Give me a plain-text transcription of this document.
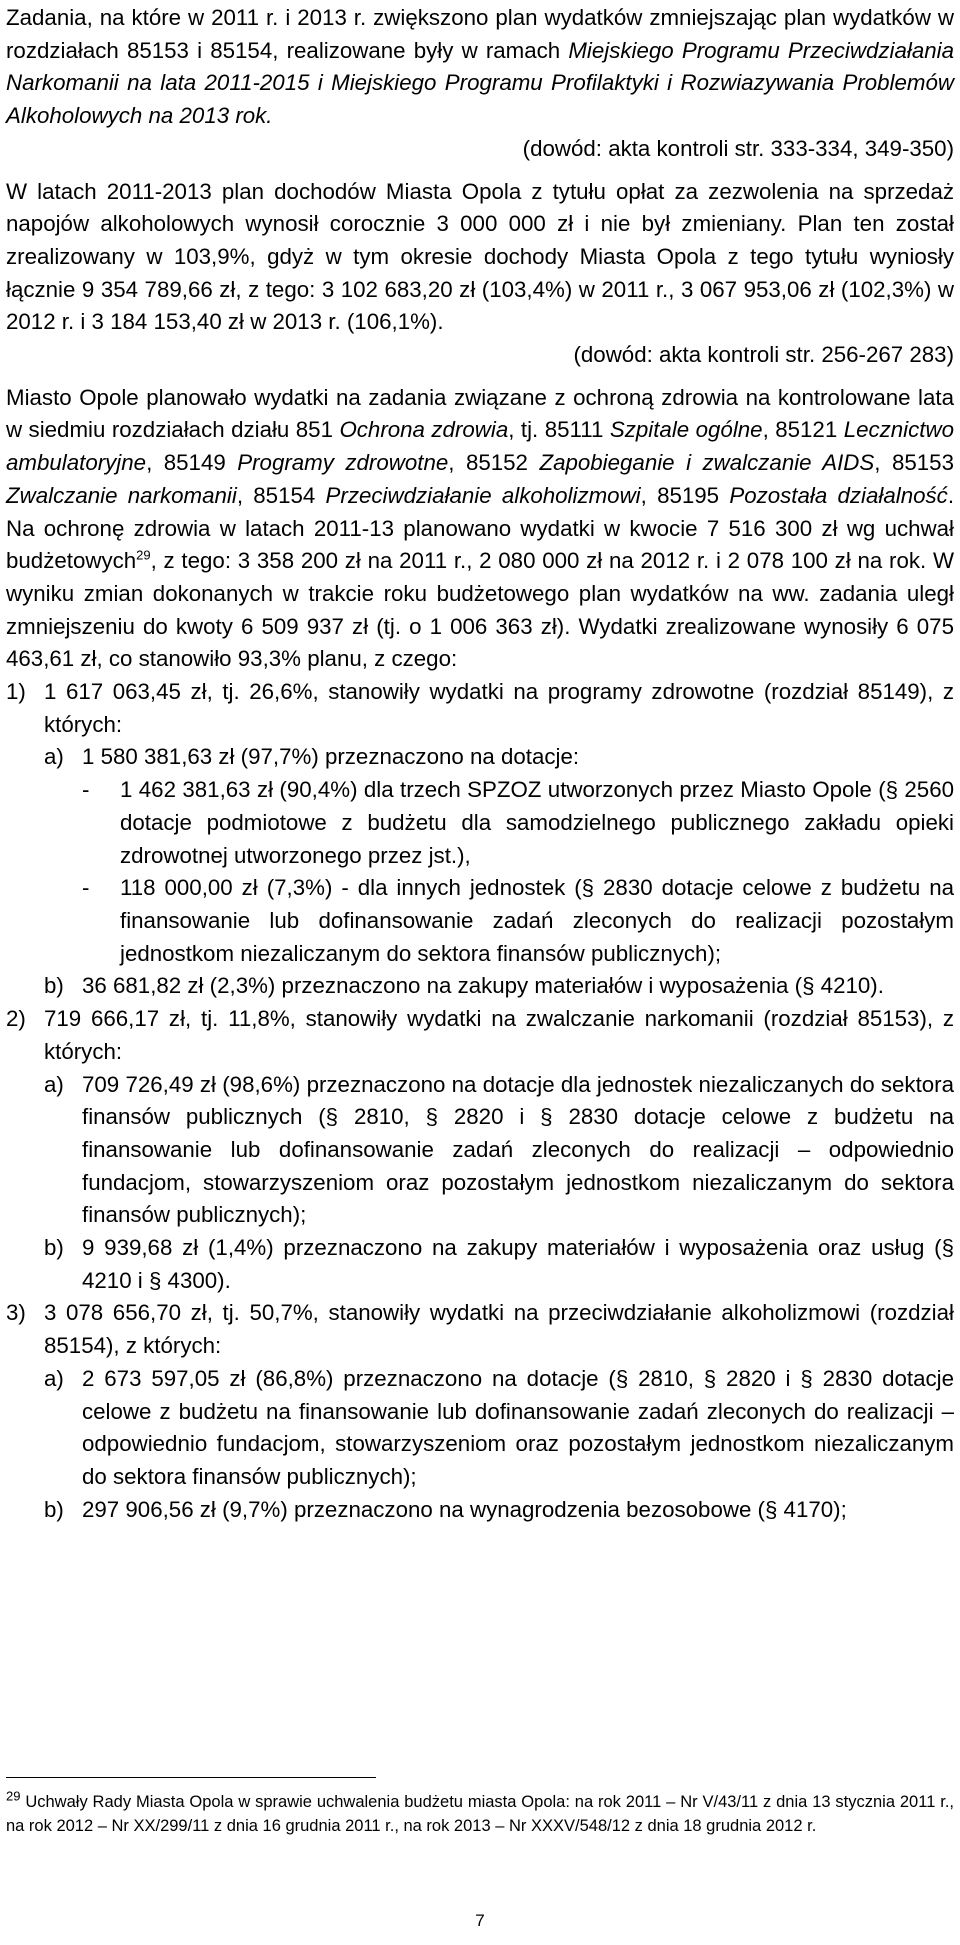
Zadania, na które w 2011 r. i 2013 r. zwiększono plan wydatków zmniejszając plan wydatków w rozdziałach 85153 i 85154, realizowane były w ramach Miejskiego Programu Przeciwdziałania Narkomanii na lata 2011-2015 i Miejskiego Programu Profilaktyki i Rozwiazywania Problemów Alkoholowych na 2013 rok.

(dowód: akta kontroli str. 333-334, 349-350)

W latach 2011-2013 plan dochodów Miasta Opola z tytułu opłat za zezwolenia na sprzedaż napojów alkoholowych wynosił corocznie 3 000 000 zł i nie był zmieniany. Plan ten został zrealizowany w 103,9%, gdyż w tym okresie dochody Miasta Opola z tego tytułu wyniosły łącznie 9 354 789,66 zł, z tego: 3 102 683,20 zł (103,4%) w 2011 r., 3 067 953,06 zł (102,3%) w 2012 r. i 3 184 153,40 zł w 2013 r. (106,1%).

(dowód: akta kontroli str. 256-267 283)

Miasto Opole planowało wydatki na zadania związane z ochroną zdrowia na kontrolowane lata w siedmiu rozdziałach działu 851 Ochrona zdrowia, tj. 85111 Szpitale ogólne, 85121 Lecznictwo ambulatoryjne, 85149 Programy zdrowotne, 85152 Zapobieganie i zwalczanie AIDS, 85153 Zwalczanie narkomanii, 85154 Przeciwdziałanie alkoholizmowi, 85195 Pozostała działalność. Na ochronę zdrowia w latach 2011-13 planowano wydatki w kwocie 7 516 300 zł wg uchwał budżetowych$^{29}$, z tego: 3 358 200 zł na 2011 r., 2 080 000 zł na 2012 r. i 2 078 100 zł na rok. W wyniku zmian dokonanych w trakcie roku budżetowego plan wydatków na ww. zadania uległ zmniejszeniu do kwoty 6 509 937 zł (tj. o 1 006 363 zł). Wydatki zrealizowane wynosiły 6 075 463,61 zł, co stanowiło 93,3% planu, z czego:

1) 1 617 063,45 zł, tj. 26,6%, stanowiły wydatki na programy zdrowotne (rozdział 85149), z których:
a) 1 580 381,63 zł (97,7%) przeznaczono na dotacje:
-	1 462 381,63 zł (90,4%) dla trzech SPZOZ utworzonych przez Miasto Opole (§ 2560 dotacje podmiotowe z budżetu dla samodzielnego publicznego zakładu opieki zdrowotnej utworzonego przez jst.),
-	118 000,00 zł (7,3%) - dla innych jednostek (§ 2830 dotacje celowe z budżetu na finansowanie lub dofinansowanie zadań zleconych do realizacji pozostałym jednostkom niezaliczanym do sektora finansów publicznych);
b) 36 681,82 zł (2,3%) przeznaczono na zakupy materiałów i wyposażenia (§ 4210).
2) 719 666,17 zł, tj. 11,8%, stanowiły wydatki na zwalczanie narkomanii (rozdział 85153), z których:
a) 709 726,49 zł (98,6%) przeznaczono na dotacje dla jednostek niezaliczanych do sektora finansów publicznych (§ 2810, § 2820 i § 2830 dotacje celowe z budżetu na finansowanie lub dofinansowanie zadań zleconych do realizacji – odpowiednio fundacjom, stowarzyszeniom oraz pozostałym jednostkom niezaliczanym do sektora finansów publicznych);
b) 9 939,68 zł (1,4%) przeznaczono na zakupy materiałów i wyposażenia oraz usług (§ 4210 i § 4300).
3) 3 078 656,70 zł, tj. 50,7%, stanowiły wydatki na przeciwdziałanie alkoholizmowi (rozdział 85154), z których:
a) 2 673 597,05 zł (86,8%) przeznaczono na dotacje (§ 2810, § 2820 i § 2830 dotacje celowe z budżetu na finansowanie lub dofinansowanie zadań zleconych do realizacji – odpowiednio fundacjom, stowarzyszeniom oraz pozostałym jednostkom niezaliczanym do sektora finansów publicznych);
b) 297 906,56 zł (9,7%) przeznaczono na wynagrodzenia bezosobowe (§ 4170);
$^{29}$ Uchwały Rady Miasta Opola w sprawie uchwalenia budżetu miasta Opola: na rok 2011 – Nr V/43/11 z dnia 13 stycznia 2011 r., na rok 2012 – Nr XX/299/11 z dnia 16 grudnia 2011 r., na rok 2013 – Nr XXXV/548/12 z dnia 18 grudnia 2012 r.
7
